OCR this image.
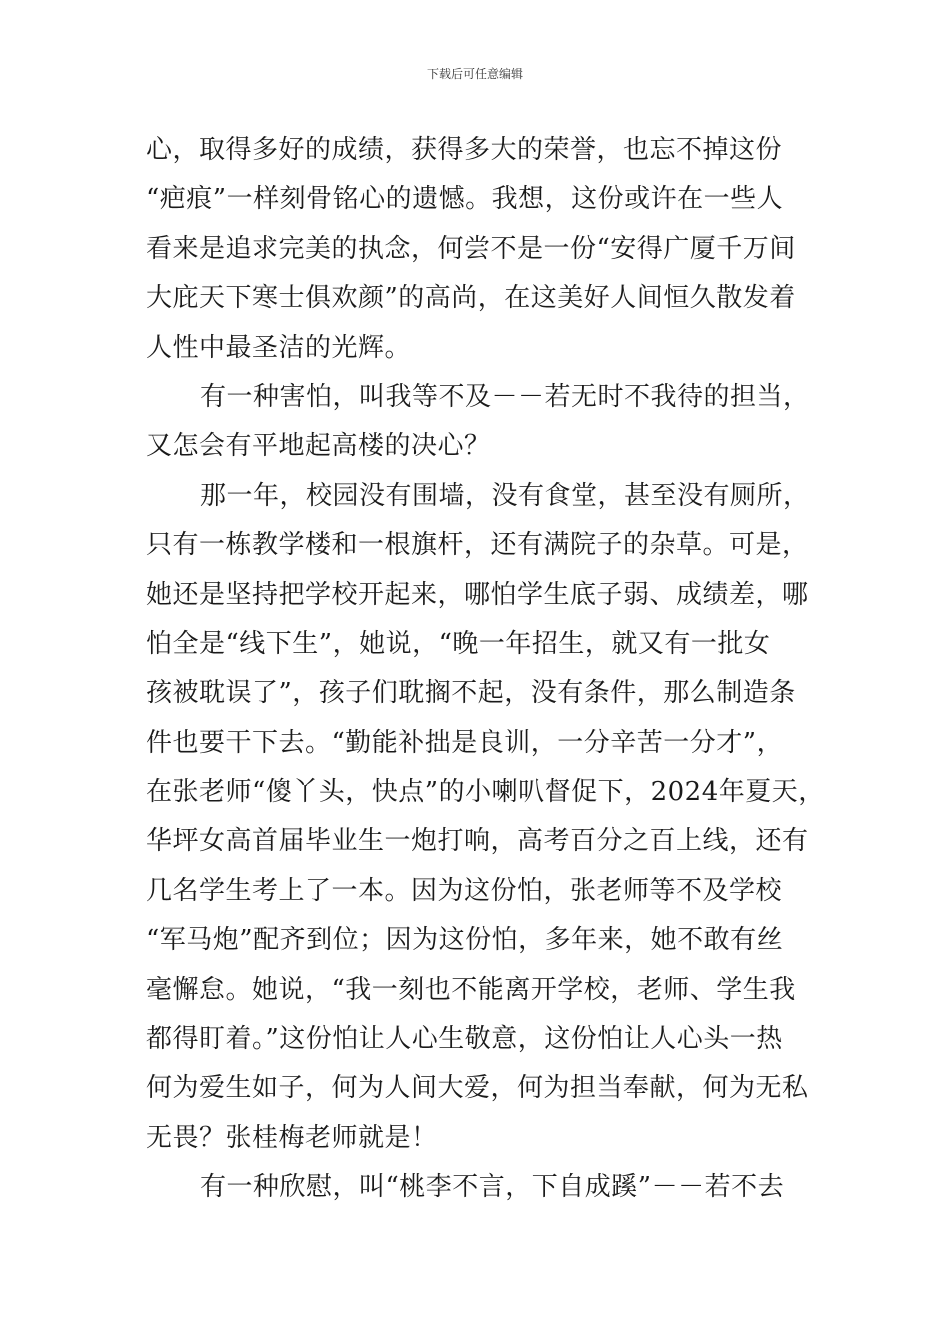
下载后可任意编辑
心，取得多好的成绩，获得多大的荣誉，也忘不掉这份
“疤痕”一样刻骨铭心的遗憾。我想，这份或许在一些人
看来是追求完美的执念，何尝不是一份“安得广厦千万间
大庇天下寒士俱欢颜”的高尚，在这美好人间恒久散发着
人性中最圣洁的光辉。
有一种害怕，叫我等不及－－若无时不我待的担当，
又怎会有平地起高楼的决心？
那一年，校园没有围墙，没有食堂，甚至没有厕所，
只有一栋教学楼和一根旗杆，还有满院子的杂草。可是，
她还是坚持把学校开起来，哪怕学生底子弱、成绩差，哪
怕全是“线下生”，她说，“晚一年招生，就又有一批女
孩被耽误了”，孩子们耽搁不起，没有条件，那么制造条
件也要干下去。“勤能补拙是良训，一分辛苦一分才”，
在张老师“傻丫头，快点”的小喇叭督促下，2024年夏天，
华坪女高首届毕业生一炮打响，高考百分之百上线，还有
几名学生考上了一本。因为这份怕，张老师等不及学校
“军马炮”配齐到位；因为这份怕，多年来，她不敢有丝
毫懈怠。她说，“我一刻也不能离开学校，老师、学生我
都得盯着。”这份怕让人心生敬意，这份怕让人心头一热
何为爱生如子，何为人间大爱，何为担当奉献，何为无私
无畏？张桂梅老师就是！
有一种欣慰，叫“桃李不言，下自成蹊”－－若不去
